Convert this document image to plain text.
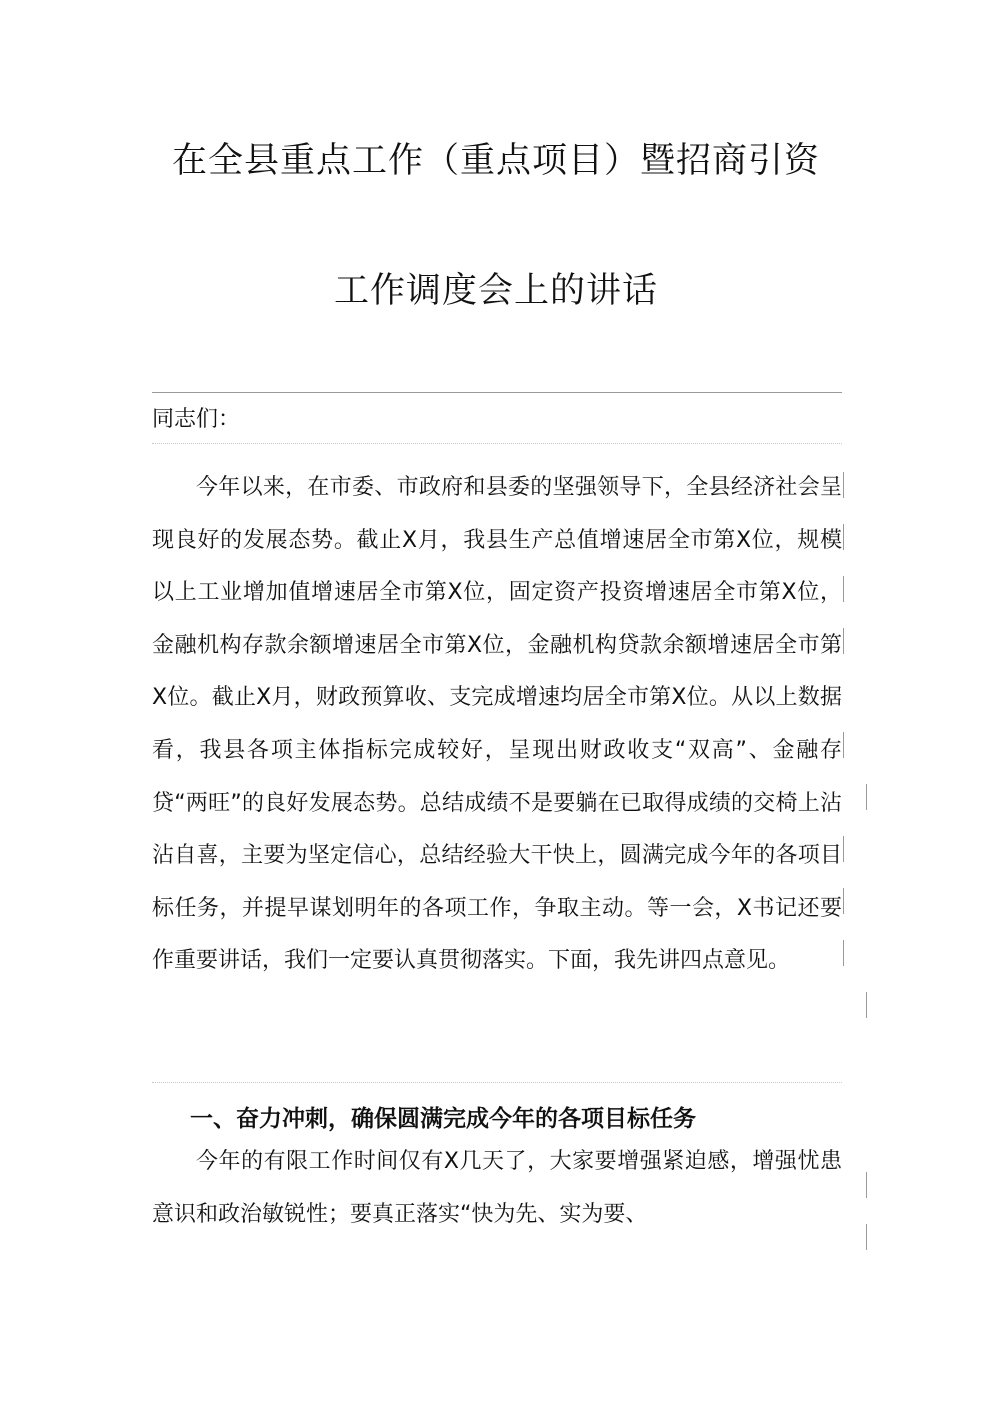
在全县重点工作（重点项目）暨招商引资
工作调度会上的讲话
同志们：

今年以来，在市委、市政府和县委的坚强领导下，全县经济社会呈现良好的发展态势。截止X月，我县生产总值增速居全市第X位，规模以上工业增加值增速居全市第X位，固定资产投资增速居全市第X位，金融机构存款余额增速居全市第X位，金融机构贷款余额增速居全市第X位。截止X月，财政预算收、支完成增速均居全市第X位。从以上数据看，我县各项主体指标完成较好，呈现出财政收支“双高”、金融存贷“两旺”的良好发展态势。总结成绩不是要躺在已取得成绩的交椅上沾沾自喜，主要为坚定信心，总结经验大干快上，圆满完成今年的各项目标任务，并提早谋划明年的各项工作，争取主动。等一会，X书记还要作重要讲话，我们一定要认真贯彻落实。下面，我先讲四点意见。

一、奋力冲刺，确保圆满完成今年的各项目标任务

今年的有限工作时间仅有X几天了，大家要增强紧迫感，增强忧患意识和政治敏锐性；要真正落实“快为先、实为要、
